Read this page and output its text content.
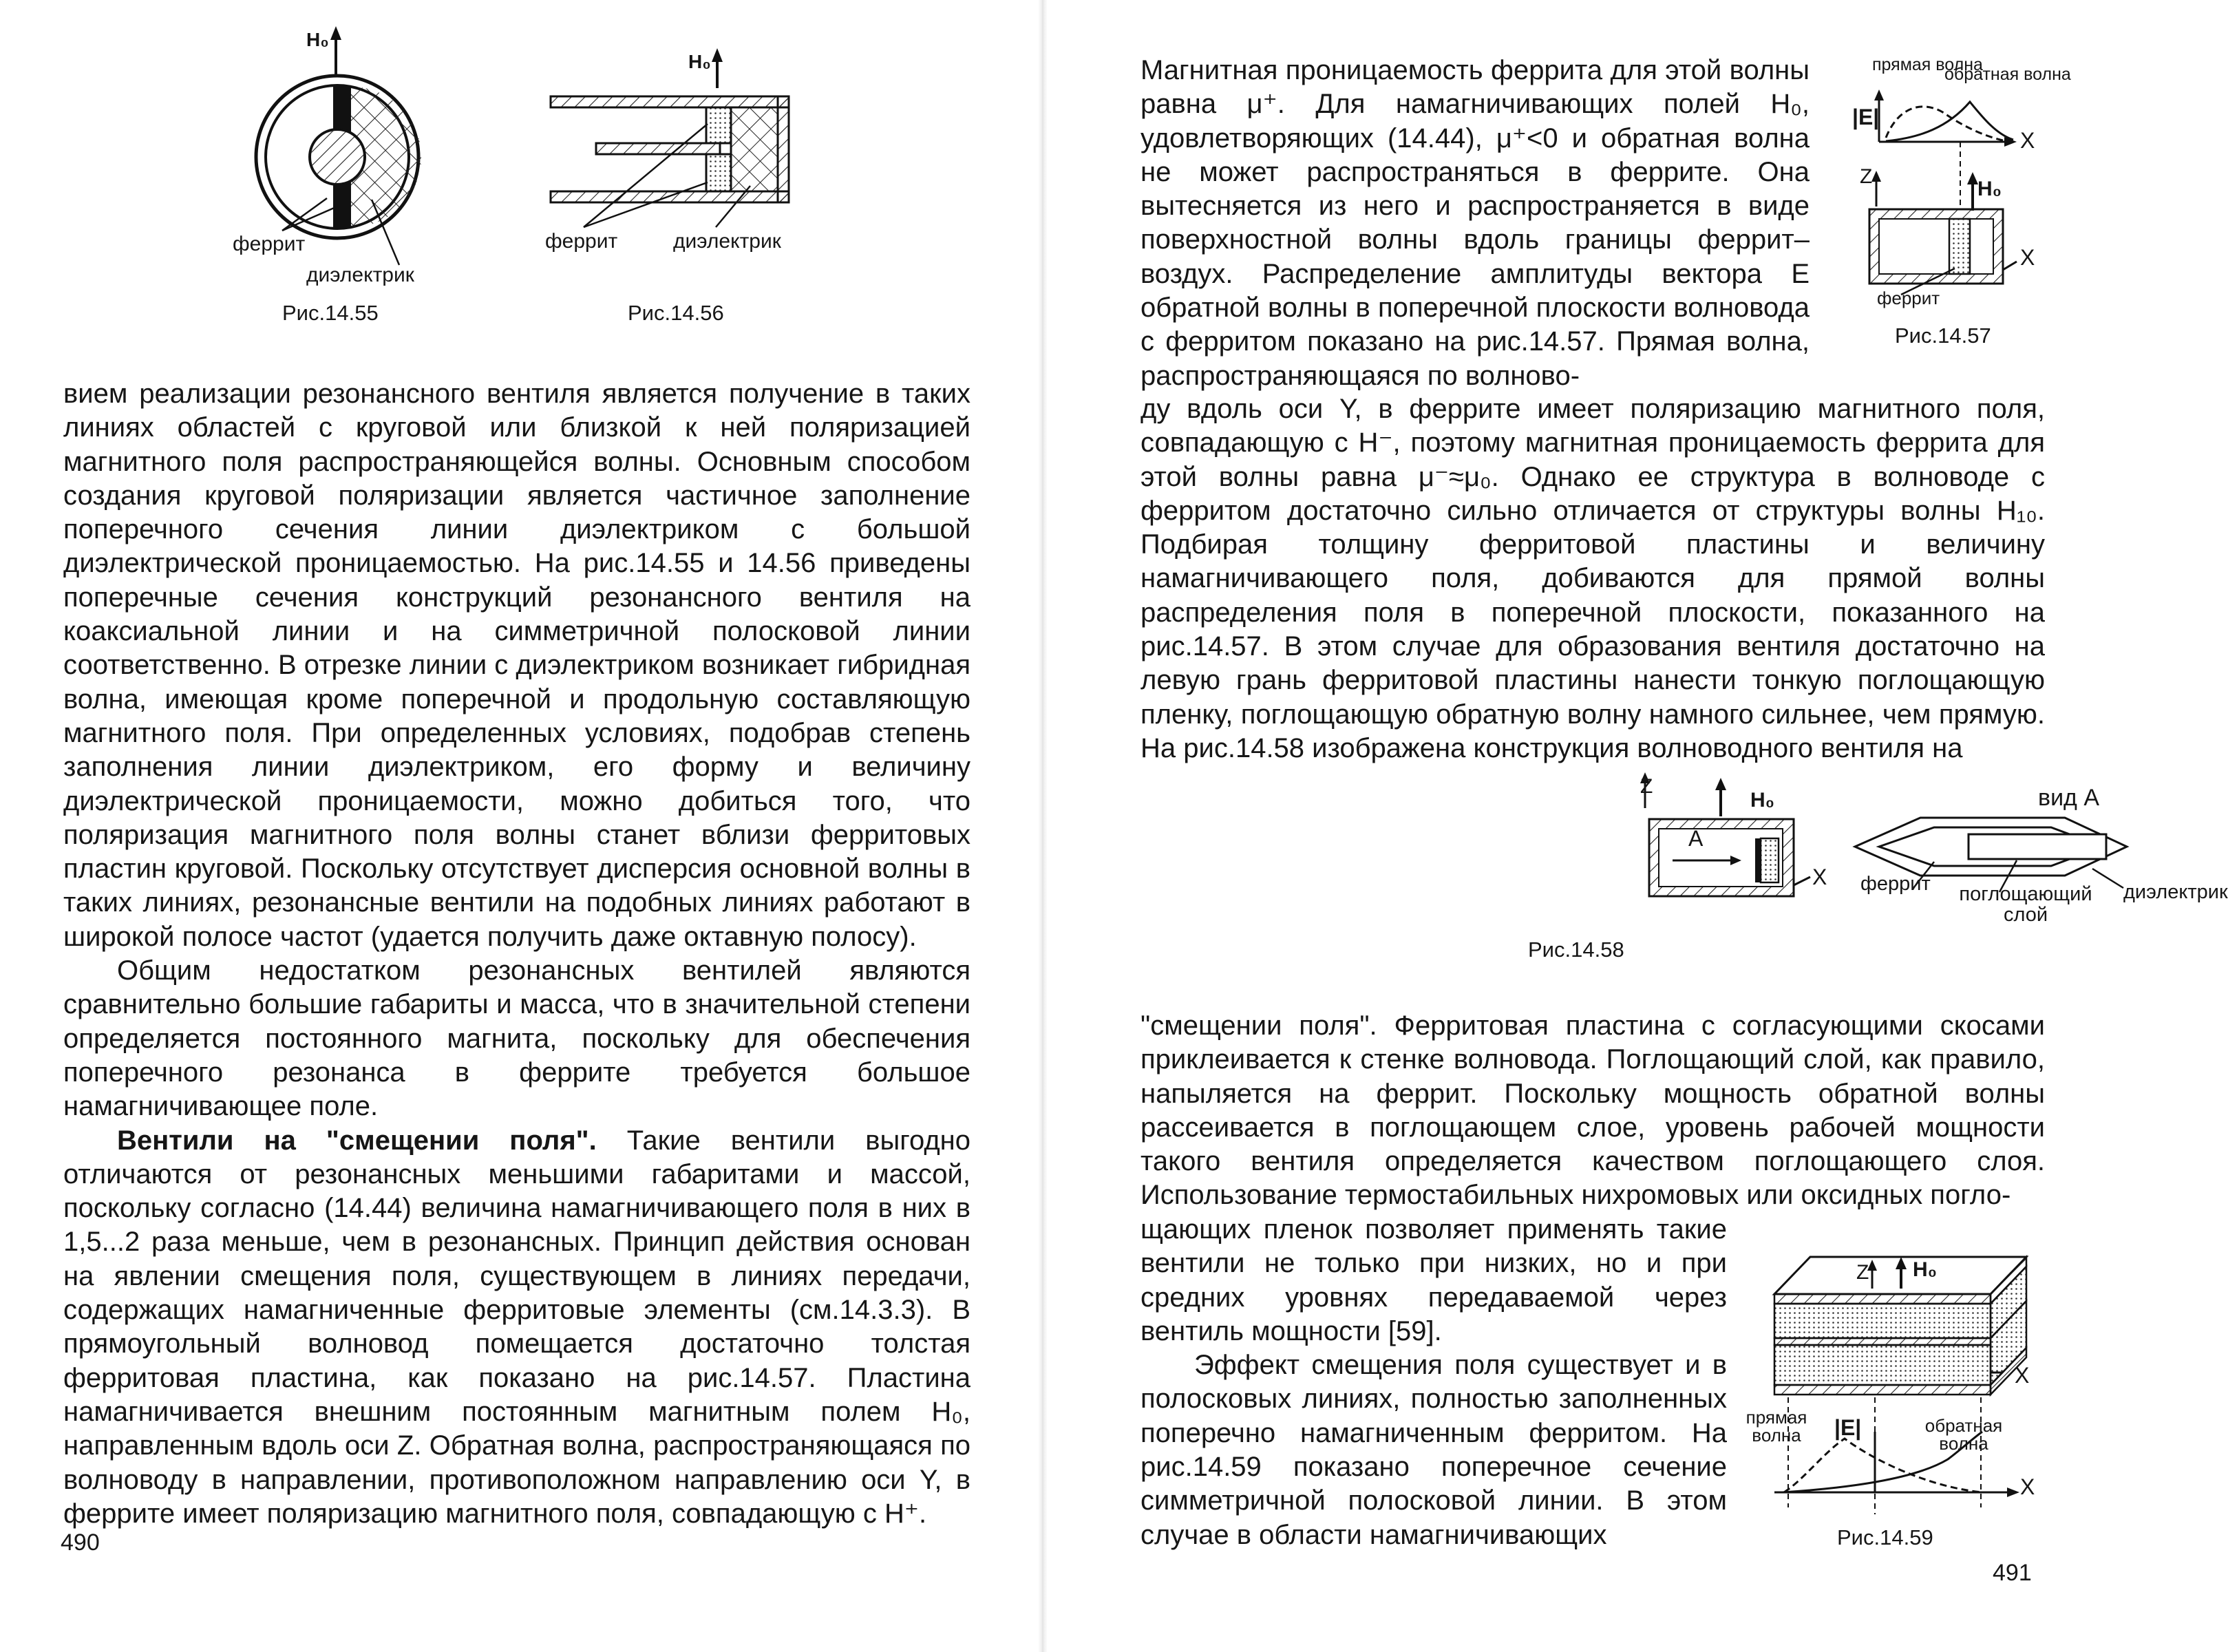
H₀
феррит
диэлектрик
Рис.14.55
H₀
феррит	диэлектрик
Рис.14.56

вием реализации резонансного вентиля является получение в таких линиях областей с круговой или близкой к ней поляризацией магнитного поля распространяющейся волны. Основным способом создания круговой поляризации является частичное заполнение поперечного сечения линии диэлектриком с большой диэлектрической проницаемостью. На рис.14.55 и 14.56 приведены поперечные сечения конструкций резонансного вентиля на коаксиальной линии и на симметричной полосковой линии соответственно. В отрезке линии с диэлектриком возникает гибридная волна, имеющая кроме поперечной и продольную составляющую магнитного поля. При определенных условиях, подобрав степень заполнения линии диэлектриком, его форму и величину диэлектрической проницаемости, можно добиться того, что поляризация магнитного поля волны станет вблизи ферритовых пластин круговой. Поскольку отсутствует дисперсия основной волны в таких линиях, резонансные вентили на подобных линиях работают в широкой полосе частот (удается получить даже октавную полосу).

Общим недостатком резонансных вентилей являются сравнительно большие габариты и масса, что в значительной степени определяется постоянного магнита, поскольку для обеспечения поперечного резонанса в феррите требуется большое намагничивающее поле.

Вентили на "смещении поля". Такие вентили выгодно отличаются от резонансных меньшими габаритами и массой, поскольку согласно (14.44) величина намагничивающего поля в них в 1,5...2 раза меньше, чем в резонансных. Принцип действия основан на явлении смещения поля, существующем в линиях передачи, содержащих намагниченные ферритовые элементы (см.14.3.3). В прямоугольный волновод помещается достаточно толстая ферритовая пластина, как показано на рис.14.57. Пластина намагничивается внешним постоянным магнитным полем H₀, направленным вдоль оси Z. Обратная волна, распространяющаяся по волноводу в направлении, противоположном направлению оси Y, в феррите имеет поляризацию магнитного поля, совпадающую с H⁺.

490
Магнитная проницаемость феррита для этой волны равна μ⁺. Для намагничивающих полей H₀, удовлетворяющих (14.44), μ⁺<0 и обратная волна не может распространяться в феррите. Она вытесняется из него и распространяется в виде поверхностной волны вдоль границы феррит–воздух. Распределение амплитуды вектора E обратной волны в поперечной плоскости волновода с ферритом показано на рис.14.57. Прямая волна, распространяющаяся по волново-
прямая волна
обратная волна
|E|
X
Z
H₀
X
феррит
Рис.14.57
ду вдоль оси Y, в феррите имеет поляризацию магнитного поля, совпадающую с H⁻, поэтому магнитная проницаемость феррита для этой волны равна μ⁻≈μ₀. Однако ее структура в волноводе с ферритом достаточно сильно отличается от структуры волны H₁₀. Подбирая толщину ферритовой пластины и величину намагничивающего поля, добиваются для прямой волны распределения поля в поперечной плоскости, показанного на рис.14.57. В этом случае для образования вентиля достаточно на левую грань ферритовой пластины нанести тонкую поглощающую пленку, поглощающую обратную волну намного сильнее, чем прямую. На рис.14.58 изображена конструкция волноводного вентиля на
Z
H₀	вид А
A
X феррит поглощающий слой
диэлектрик
Рис.14.58
"смещении поля". Ферритовая пластина с согласующими скосами приклеивается к стенке волновода. Поглощающий слой, как правило, напыляется на феррит. Поскольку мощность обратной волны рассеивается в поглощающем слое, уровень рабочей мощности такого вентиля определяется качеством поглощающего слоя. Использование термостабильных нихромовых или оксидных погло-

щающих пленок позволяет применять такие вентили не только при низких, но и при средних уровнях передаваемой через вентиль мощности [59].

Эффект смещения поля существует и в полосковых линиях, полностью заполненных поперечно намагниченным ферритом. На рис.14.59 показано поперечное сечение симметричной полосковой линии. В этом случае в области намагничивающих

Z H₀
X
прямая волна	|E|	обратная волна
X
Рис.14.59
491
